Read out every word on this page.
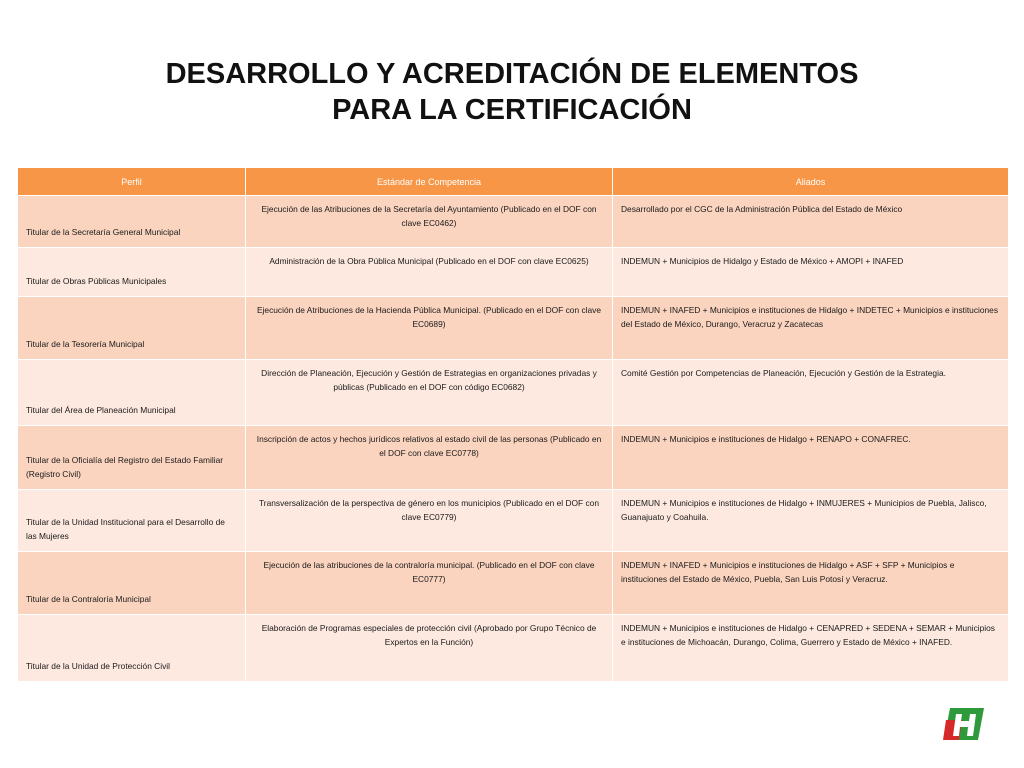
DESARROLLO Y ACREDITACIÓN DE ELEMENTOS
PARA LA CERTIFICACIÓN
Perfil	Estándar de Competencia	Aliados
Titular de la Secretaría General Municipal	Ejecución de las Atribuciones de la Secretaría del Ayuntamiento (Publicado en el DOF con clave EC0462)	Desarrollado por el CGC de la Administración Pública del Estado de México
Titular de Obras Públicas Municipales	Administración de la Obra Pública Municipal (Publicado en el DOF con clave EC0625)	INDEMUN + Municipios de Hidalgo y Estado de México + AMOPI + INAFED
Titular de la Tesorería Municipal	Ejecución de Atribuciones de la Hacienda Pública Municipal. (Publicado en el DOF con clave EC0689)	INDEMUN + INAFED + Municipios e instituciones de Hidalgo + INDETEC + Municipios e instituciones del Estado de México, Durango, Veracruz y Zacatecas
Titular del Área de Planeación Municipal	Dirección de Planeación, Ejecución y Gestión de Estrategias en organizaciones privadas y públicas (Publicado en el DOF con código EC0682)	Comité Gestión por Competencias de Planeación, Ejecución y Gestión de la Estrategia.
Titular de la Oficialía del Registro del Estado Familiar (Registro Civil)	Inscripción de actos y hechos jurídicos relativos al estado civil de las personas (Publicado en el DOF con clave EC0778)	INDEMUN + Municipios e instituciones de Hidalgo + RENAPO + CONAFREC.
Titular de la Unidad Institucional para el Desarrollo de las Mujeres	Transversalización de la perspectiva de género en los municipios (Publicado en el DOF con clave EC0779)	INDEMUN + Municipios e instituciones de Hidalgo + INMUJERES + Municipios de Puebla, Jalisco, Guanajuato y Coahuila.
Titular de la Contraloría Municipal	Ejecución de las atribuciones de la contraloría municipal. (Publicado en el DOF con clave EC0777)	INDEMUN + INAFED + Municipios e instituciones de Hidalgo + ASF + SFP + Municipios e instituciones del Estado de México, Puebla, San Luis Potosí y Veracruz.
Titular de la Unidad de Protección Civil	Elaboración de Programas especiales de protección civil (Aprobado por Grupo Técnico de Expertos en la Función)	INDEMUN + Municipios e instituciones de Hidalgo + CENAPRED + SEDENA + SEMAR + Municipios e instituciones de Michoacán, Durango, Colima, Guerrero y Estado de México + INAFED.
